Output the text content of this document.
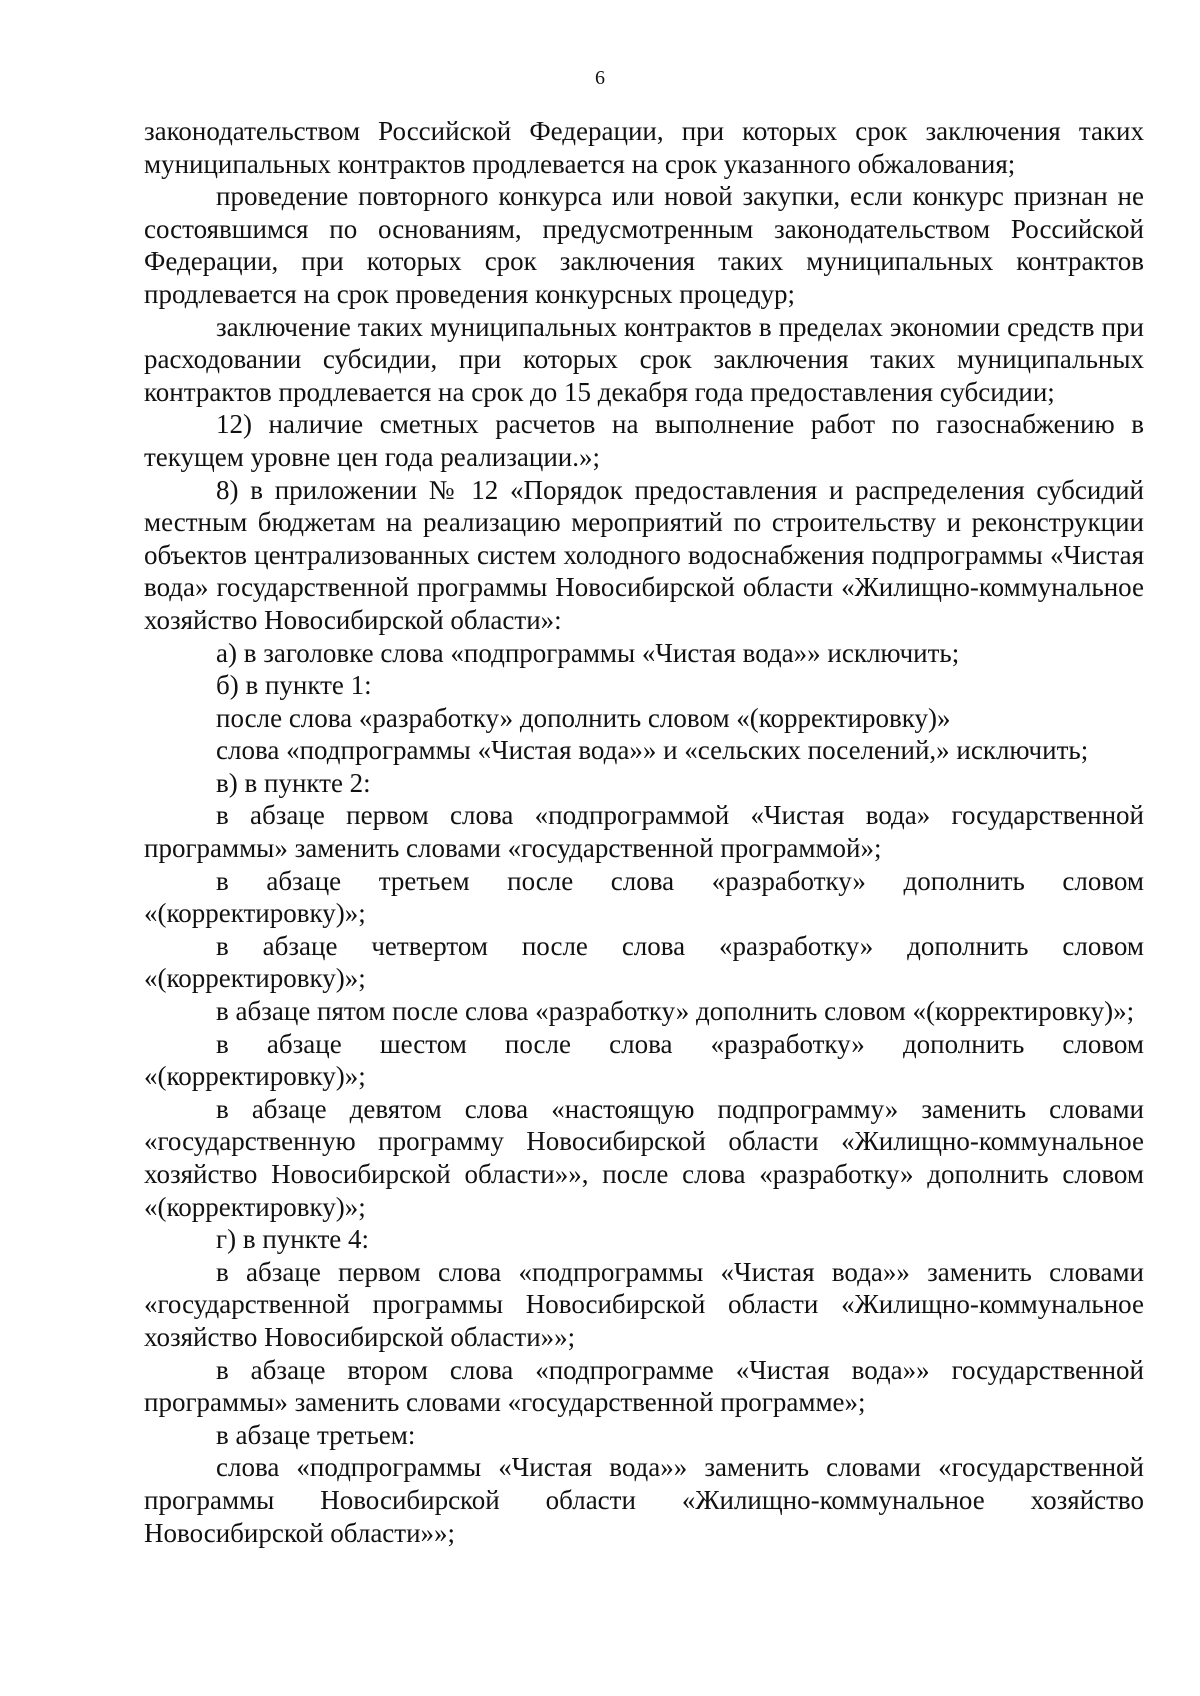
6

законодательством Российской Федерации, при которых срок заключения таких муниципальных контрактов продлевается на срок указанного обжалования;

проведение повторного конкурса или новой закупки, если конкурс признан не состоявшимся по основаниям, предусмотренным законодательством Российской Федерации, при которых срок заключения таких муниципальных контрактов продлевается на срок проведения конкурсных процедур;

заключение таких муниципальных контрактов в пределах экономии средств при расходовании субсидии, при которых срок заключения таких муниципальных контрактов продлевается на срок до 15 декабря года предоставления субсидии;

12) наличие сметных расчетов на выполнение работ по газоснабжению в текущем уровне цен года реализации.»;

8) в приложении № 12 «Порядок предоставления и распределения субсидий местным бюджетам на реализацию мероприятий по строительству и реконструкции объектов централизованных систем холодного водоснабжения подпрограммы «Чистая вода» государственной программы Новосибирской области «Жилищно-коммунальное хозяйство Новосибирской области»:

а) в заголовке слова «подпрограммы «Чистая вода»» исключить;

б) в пункте 1:

после слова «разработку» дополнить словом «(корректировку)»

слова «подпрограммы «Чистая вода»» и «сельских поселений,» исключить;

в) в пункте 2:

в абзаце первом слова «подпрограммой «Чистая вода» государственной программы» заменить словами «государственной программой»;

в абзаце третьем после слова «разработку» дополнить словом «(корректировку)»;

в абзаце четвертом после слова «разработку» дополнить словом «(корректировку)»;

в абзаце пятом после слова «разработку» дополнить словом «(корректировку)»;

в абзаце шестом после слова «разработку» дополнить словом «(корректировку)»;

в абзаце девятом слова «настоящую подпрограмму» заменить словами «государственную программу Новосибирской области «Жилищно-коммунальное хозяйство Новосибирской области»», после слова «разработку» дополнить словом «(корректировку)»;

г) в пункте 4:

в абзаце первом слова «подпрограммы «Чистая вода»» заменить словами «государственной программы Новосибирской области «Жилищно-коммунальное хозяйство Новосибирской области»»;

в абзаце втором слова «подпрограмме «Чистая вода»» государственной программы» заменить словами «государственной программе»;

в абзаце третьем:

слова «подпрограммы «Чистая вода»» заменить словами «государственной программы Новосибирской области «Жилищно-коммунальное хозяйство Новосибирской области»»;
